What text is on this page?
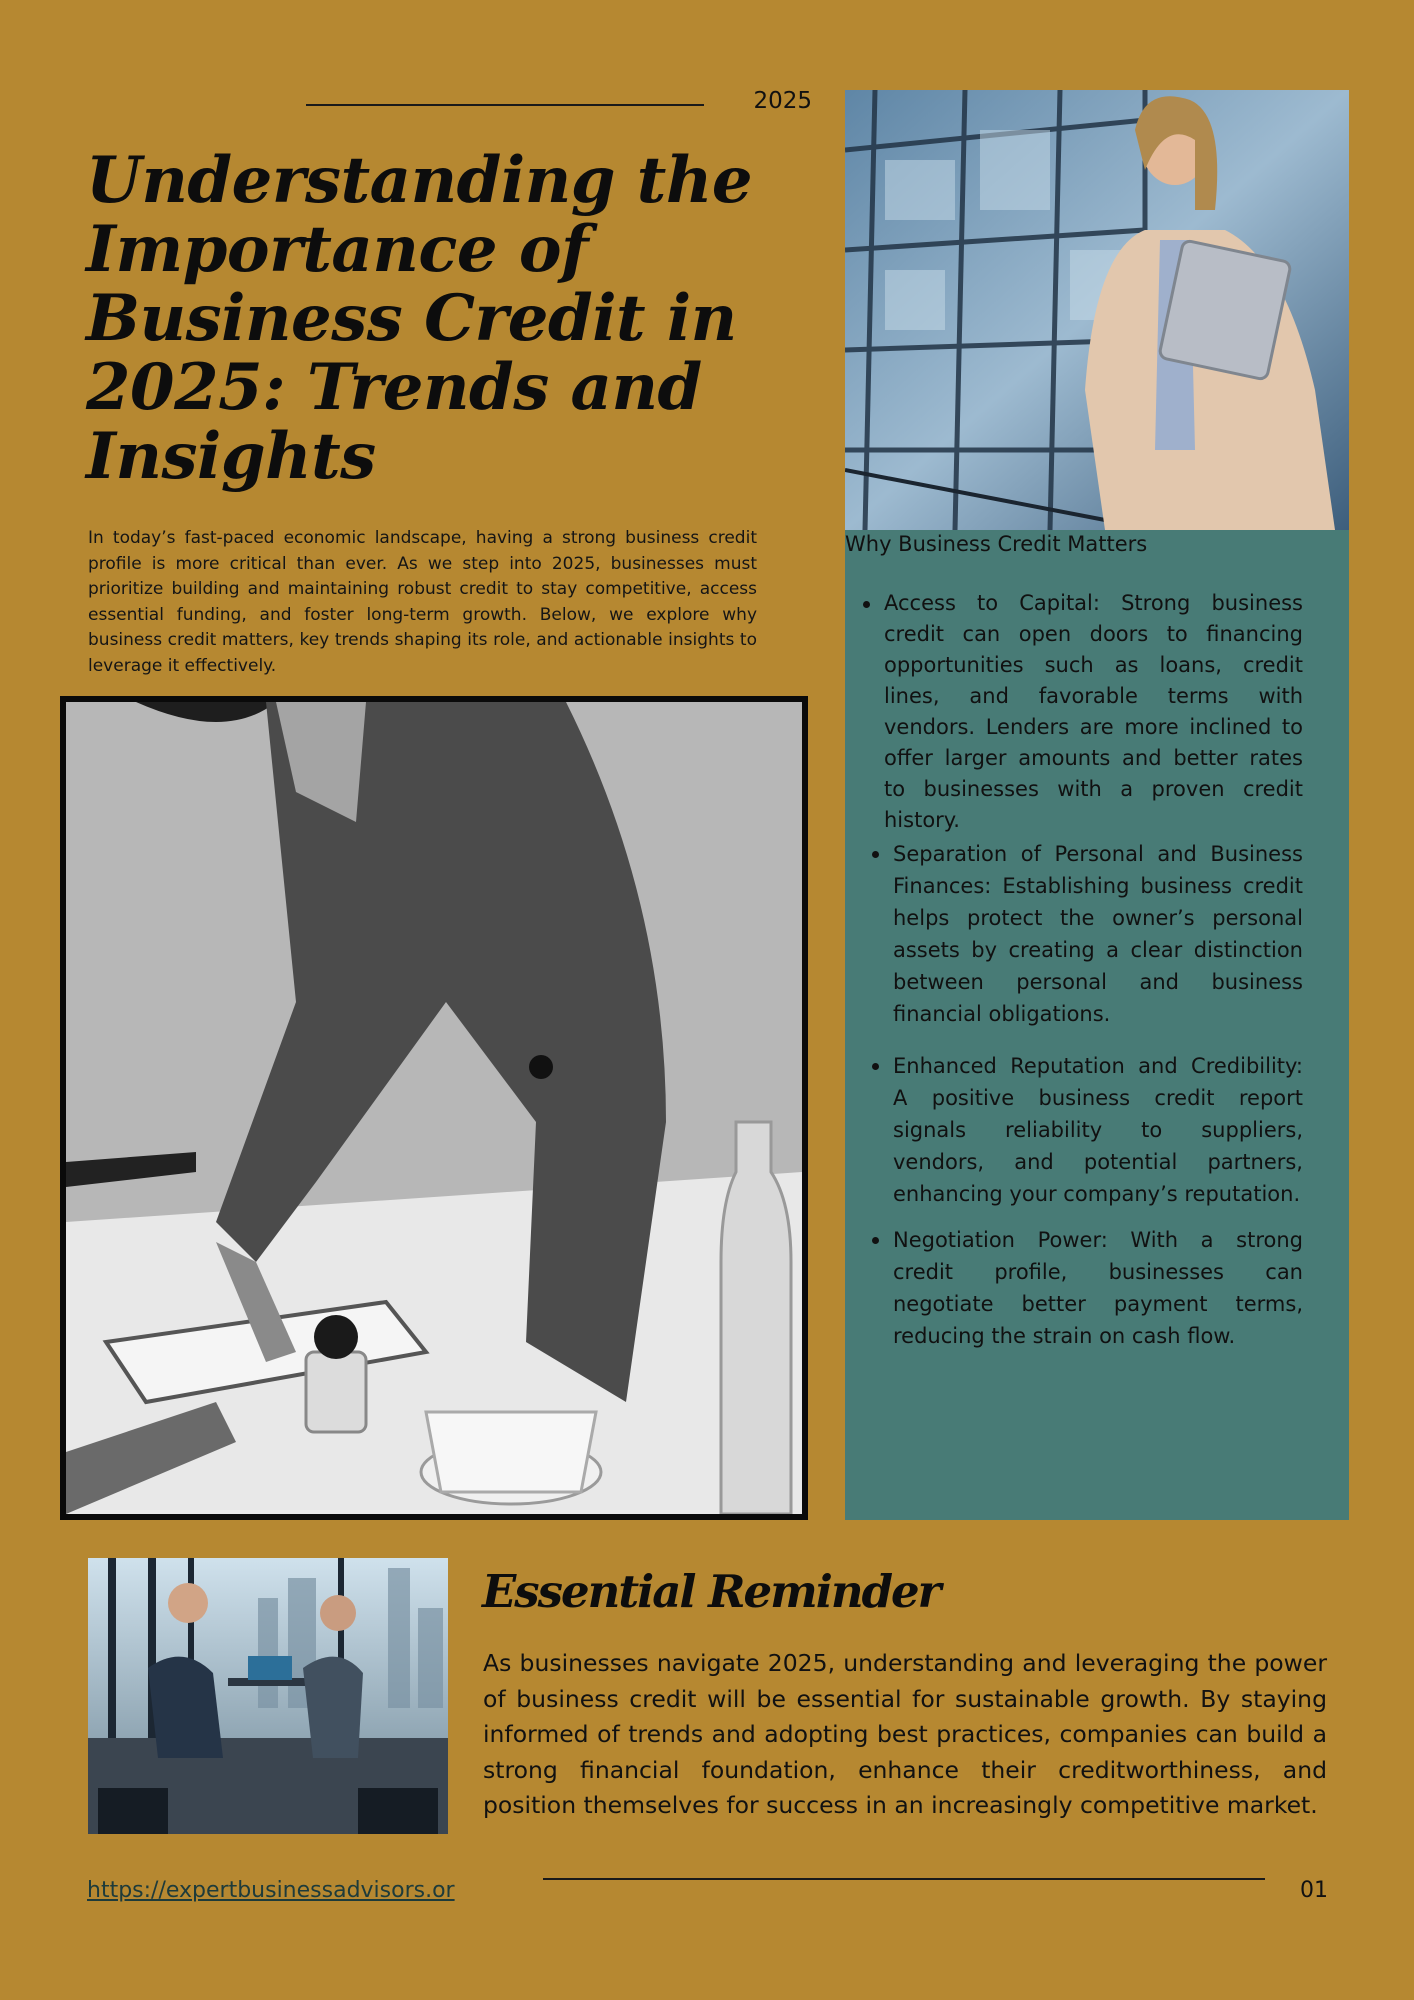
2025
Understanding the Importance of Business Credit in 2025: Trends and Insights

In today’s fast-paced economic landscape, having a strong business credit profile is more critical than ever. As we step into 2025, businesses must prioritize building and maintaining robust credit to stay competitive, access essential funding, and foster long-term growth. Below, we explore why business credit matters, key trends shaping its role, and actionable insights to leverage it effectively.

Why Business Credit Matters
Access to Capital: Strong business credit can open doors to financing opportunities such as loans, credit lines, and favorable terms with vendors. Lenders are more inclined to offer larger amounts and better rates to businesses with a proven credit history.
Separation of Personal and Business Finances: Establishing business credit helps protect the owner’s personal assets by creating a clear distinction between personal and business financial obligations.
Enhanced Reputation and Credibility: A positive business credit report signals reliability to suppliers, vendors, and potential partners, enhancing your company’s reputation.
Negotiation Power: With a strong credit profile, businesses can negotiate better payment terms, reducing the strain on cash flow.
Essential Reminder

As businesses navigate 2025, understanding and leveraging the power of business credit will be essential for sustainable growth. By staying informed of trends and adopting best practices, companies can build a strong financial foundation, enhance their creditworthiness, and position themselves for success in an increasingly competitive market.

https://expertbusinessadvisors.or	01
